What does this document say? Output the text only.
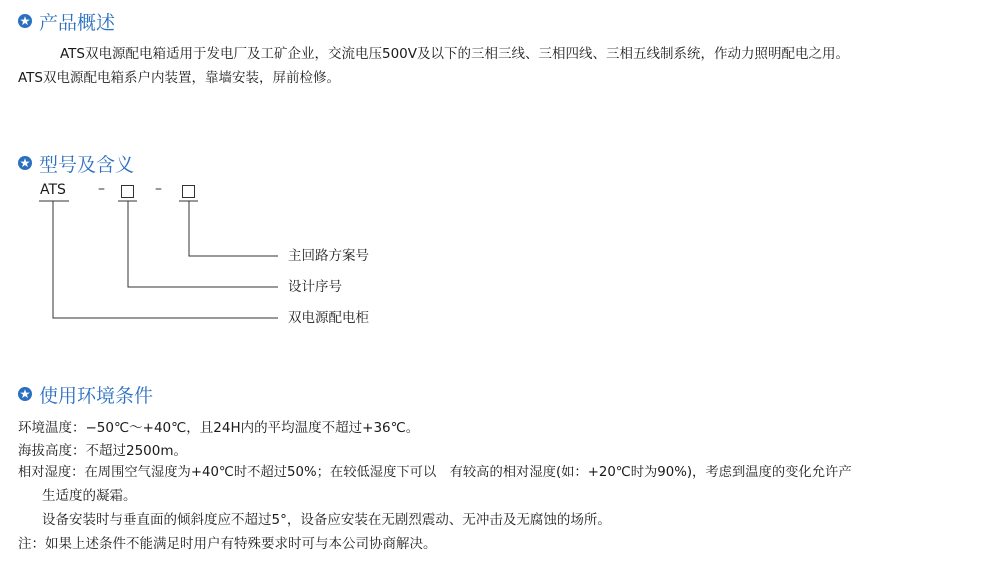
产品概述
ATS双电源配电箱适用于发电厂及工矿企业，交流电压500V及以下的三相三线、三相四线、三相五线制系统，作动力照明配电之用。
ATS双电源配电箱系户内装置，靠墙安装，屏前检修。
型号及含义
ATS –	–
主回路方案号
设计序号
双电源配电柜
使用环境条件
环境温度：−50℃～+40℃，且24H内的平均温度不超过+36℃。
海拔高度：不超过2500m。
相对湿度：在周围空气湿度为+40℃时不超过50%；在较低湿度下可以　有较高的相对湿度(如：+20℃时为90%)，考虑到温度的变化允许产
生适度的凝霜。
设备安装时与垂直面的倾斜度应不超过5°，设备应安装在无剧烈震动、无冲击及无腐蚀的场所。
注：如果上述条件不能满足时用户有特殊要求时可与本公司协商解决。
